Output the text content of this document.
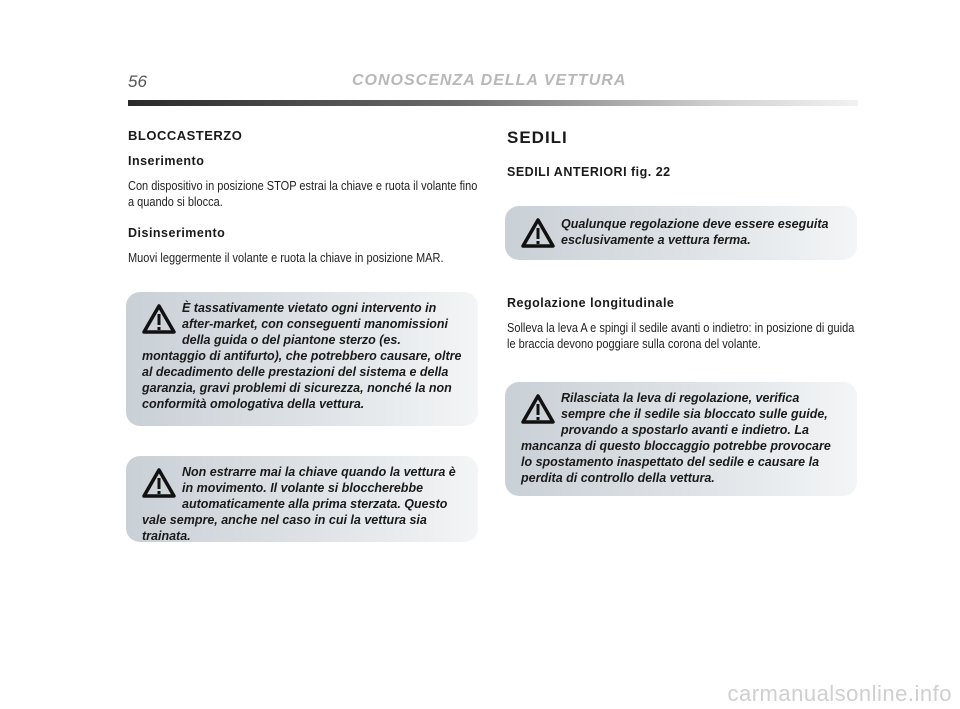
56	CONOSCENZA DELLA VETTURA
BLOCCASTERZO
Inserimento
Con dispositivo in posizione STOP estrai la chiave e ruota il volante fino a quando si blocca.
Disinserimento
Muovi leggermente il volante e ruota la chiave in posizione MAR.
È tassativamente vietato ogni intervento in after-market, con conseguenti manomissioni della guida o del piantone sterzo (es. montaggio di antifurto), che potrebbero causare, oltre al decadimento delle prestazioni del sistema e della garanzia, gravi problemi di sicurezza, nonché la non conformità omologativa della vettura.
Non estrarre mai la chiave quando la vettura è in movimento. Il volante si bloccherebbe automaticamente alla prima sterzata. Questo vale sempre, anche nel caso in cui la vettura sia trainata.
SEDILI
SEDILI ANTERIORI fig. 22
Qualunque regolazione deve essere eseguita esclusivamente a vettura ferma.
Regolazione longitudinale
Solleva la leva A e spingi il sedile avanti o indietro: in posizione di guida le braccia devono poggiare sulla corona del volante.
Rilasciata la leva di regolazione, verifica sempre che il sedile sia bloccato sulle guide, provando a spostarlo avanti e indietro. La mancanza di questo bloccaggio potrebbe provocare lo spostamento inaspettato del sedile e causare la perdita di controllo della vettura.
carmanualsonline.info
